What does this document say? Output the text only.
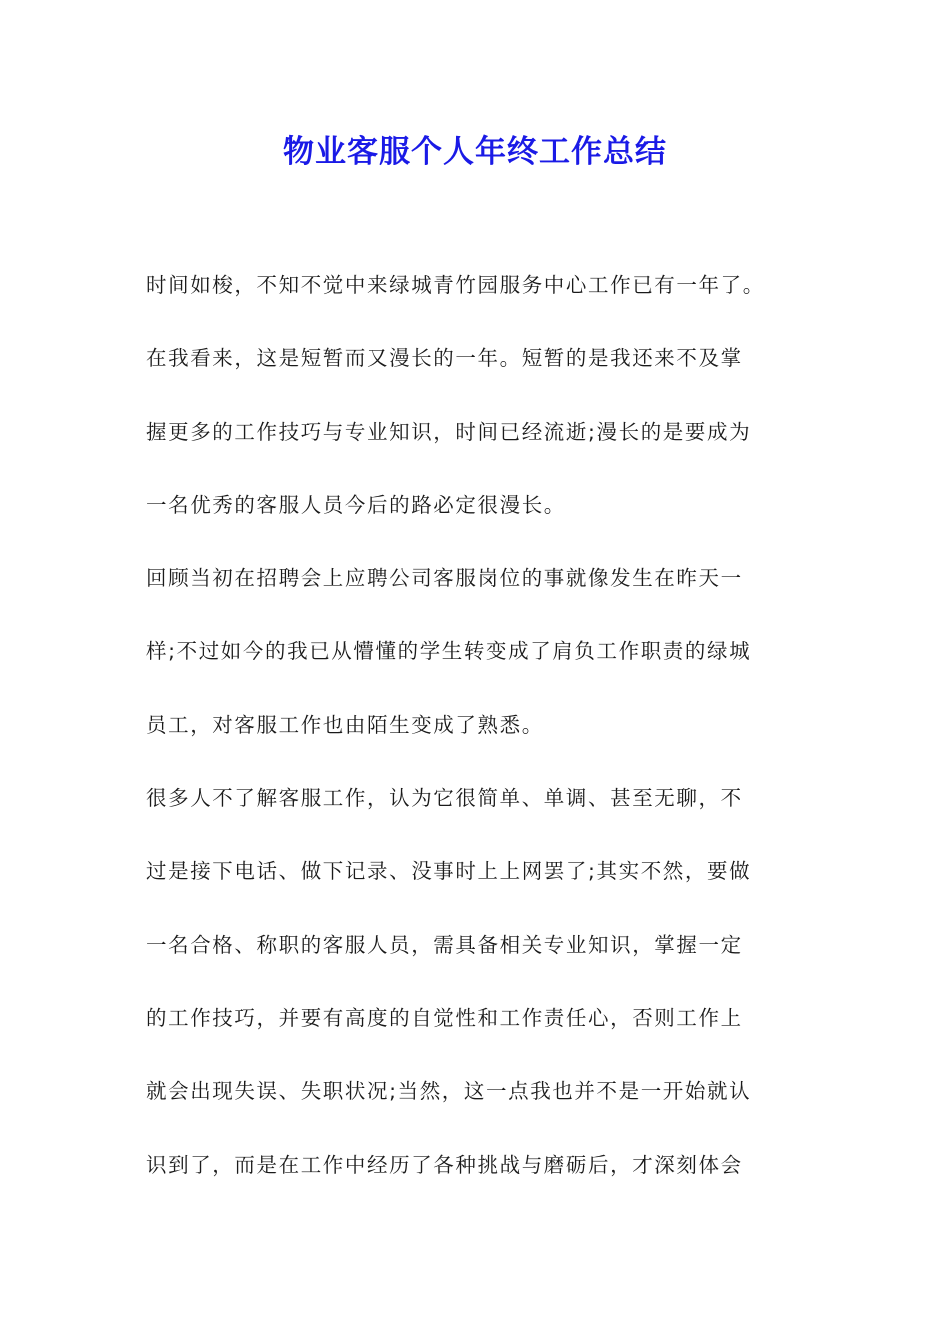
物业客服个人年终工作总结
时间如梭，不知不觉中来绿城青竹园服务中心工作已有一年了。
在我看来，这是短暂而又漫长的一年。短暂的是我还来不及掌
握更多的工作技巧与专业知识，时间已经流逝;漫长的是要成为
一名优秀的客服人员今后的路必定很漫长。
回顾当初在招聘会上应聘公司客服岗位的事就像发生在昨天一
样;不过如今的我已从懵懂的学生转变成了肩负工作职责的绿城
员工，对客服工作也由陌生变成了熟悉。
很多人不了解客服工作，认为它很简单、单调、甚至无聊，不
过是接下电话、做下记录、没事时上上网罢了;其实不然，要做
一名合格、称职的客服人员，需具备相关专业知识，掌握一定
的工作技巧，并要有高度的自觉性和工作责任心，否则工作上
就会出现失误、失职状况;当然，这一点我也并不是一开始就认
识到了，而是在工作中经历了各种挑战与磨砺后，才深刻体会
